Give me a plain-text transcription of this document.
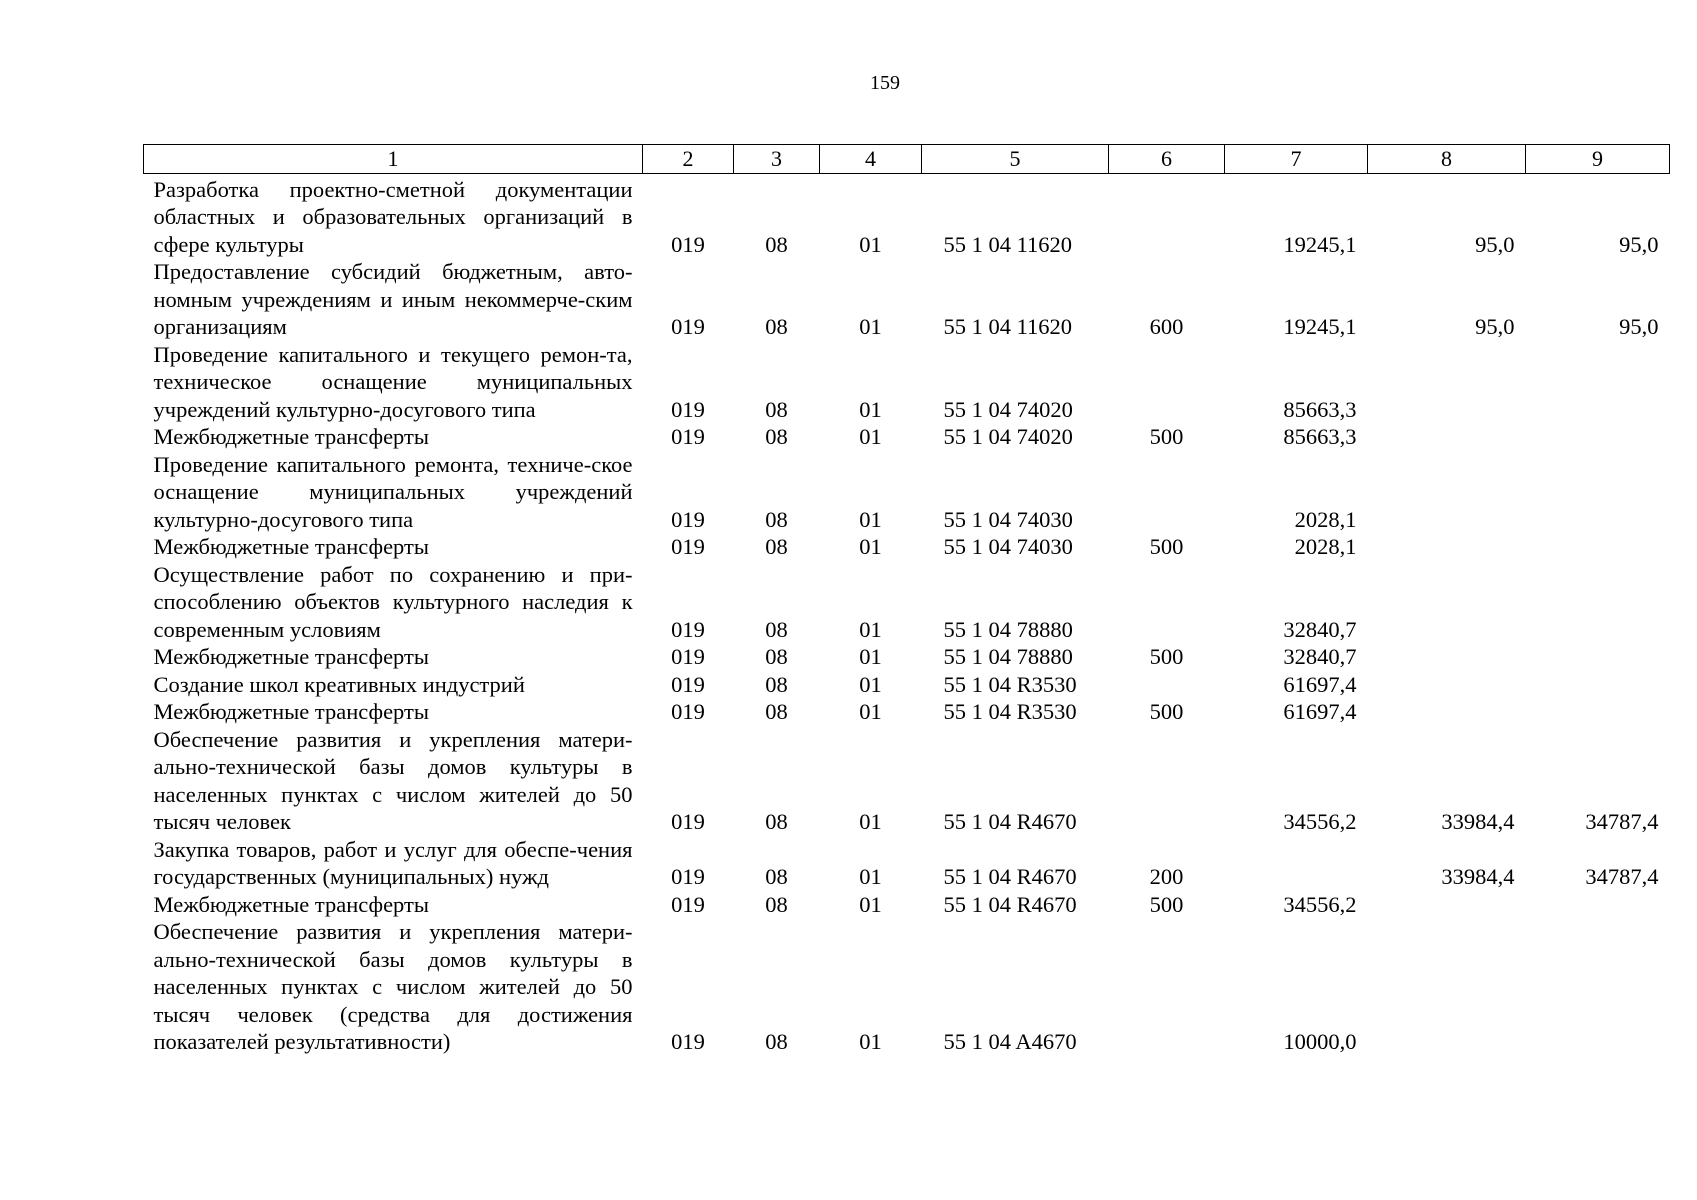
159
1	2	3	4	5	6	7	8	9
Разработка проектно-сметной документации областных и образовательных организаций в сфере культуры	019	08	01	55 1 04 11620		19245,1	95,0	95,0
Предоставление субсидий бюджетным, авто-номным учреждениям и иным некоммерче-ским организациям	019	08	01	55 1 04 11620	600	19245,1	95,0	95,0
Проведение капитального и текущего ремон-та, техническое оснащение муниципальных учреждений культурно-досугового типа	019	08	01	55 1 04 74020		85663,3		
Межбюджетные трансферты	019	08	01	55 1 04 74020	500	85663,3		
Проведение капитального ремонта, техниче-ское оснащение муниципальных учреждений культурно-досугового типа	019	08	01	55 1 04 74030		2028,1		
Межбюджетные трансферты	019	08	01	55 1 04 74030	500	2028,1		
Осуществление работ по сохранению и при-способлению объектов культурного наследия к современным условиям	019	08	01	55 1 04 78880		32840,7		
Межбюджетные трансферты	019	08	01	55 1 04 78880	500	32840,7		
Создание школ креативных индустрий	019	08	01	55 1 04 R3530		61697,4		
Межбюджетные трансферты	019	08	01	55 1 04 R3530	500	61697,4		
Обеспечение развития и укрепления матери-ально-технической базы домов культуры в населенных пунктах с числом жителей до 50 тысяч человек	019	08	01	55 1 04 R4670		34556,2	33984,4	34787,4
Закупка товаров, работ и услуг для обеспе-чения государственных (муниципальных) нужд	019	08	01	55 1 04 R4670	200		33984,4	34787,4
Межбюджетные трансферты	019	08	01	55 1 04 R4670	500	34556,2		
Обеспечение развития и укрепления матери-ально-технической базы домов культуры в населенных пунктах с числом жителей до 50 тысяч человек (средства для достижения показателей результативности)	019	08	01	55 1 04 A4670		10000,0		
